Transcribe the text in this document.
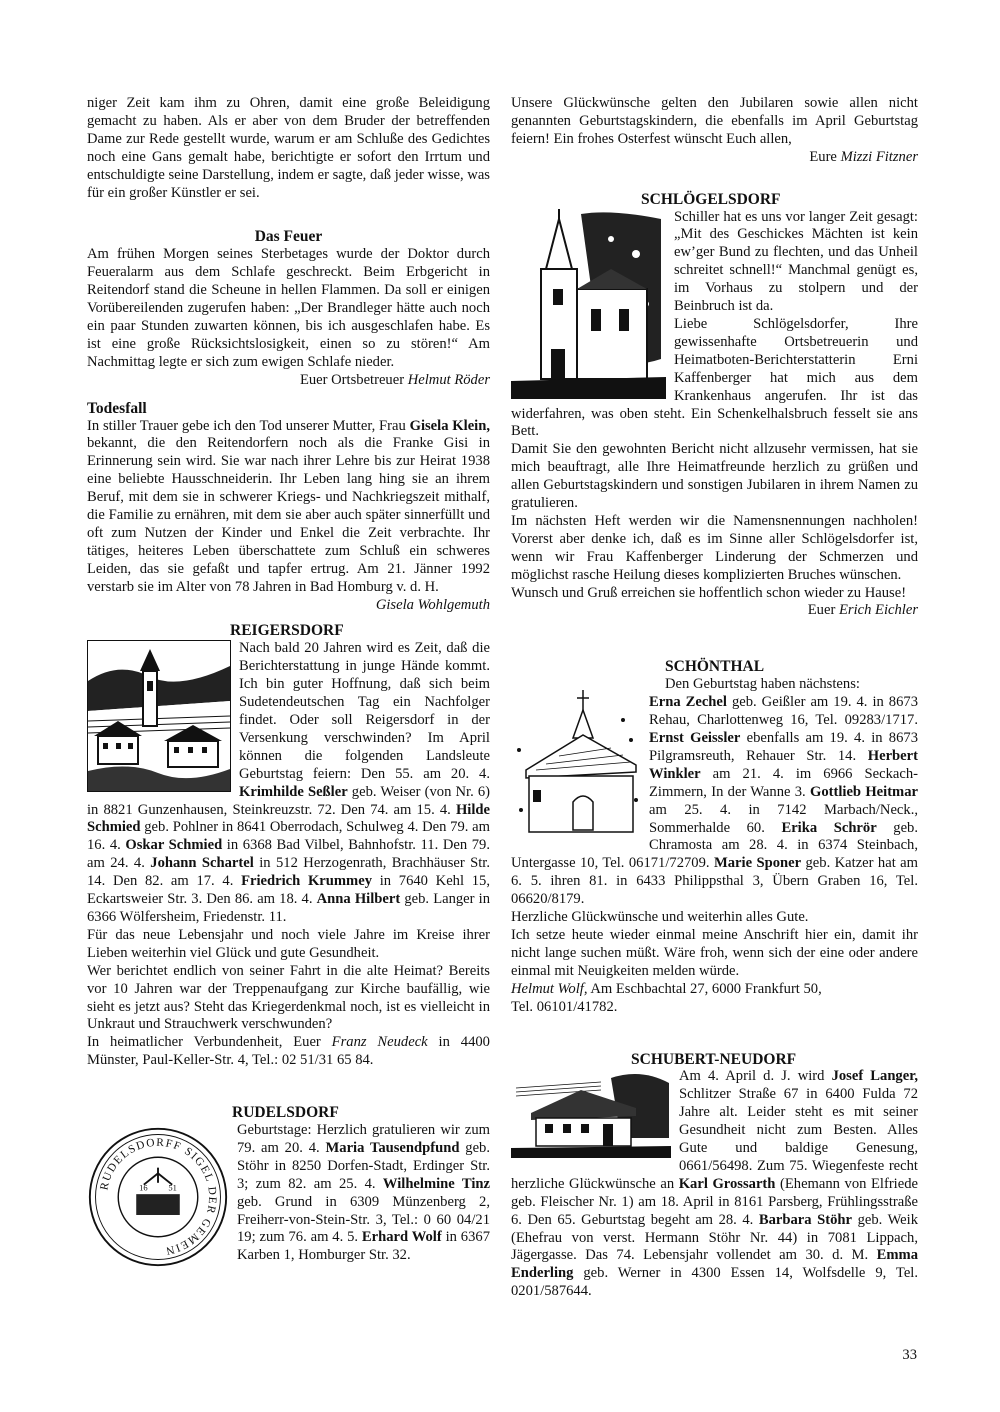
niger Zeit kam ihm zu Ohren, damit eine große Beleidigung gemacht zu haben. Als er aber von dem Bruder der betreffenden Dame zur Rede gestellt wurde, warum er am Schluße des Gedichtes noch eine Gans gemalt habe, berichtigte er sofort den Irrtum und entschuldigte seine Darstellung, indem er sagte, daß jeder wisse, was für ein großer Künstler er sei.

Das Feuer

Am frühen Morgen seines Sterbetages wurde der Doktor durch Feueralarm aus dem Schlafe geschreckt. Beim Erbgericht in Reitendorf stand die Scheune in hellen Flammen. Da soll er einigen Vorübereilenden zugerufen haben: „Der Brandleger hätte auch noch ein paar Stunden zuwarten können, bis ich ausgeschlafen habe. Es ist eine große Rücksichtslosigkeit, einen so zu stören!“ Am Nachmittag legte er sich zum ewigen Schlafe nieder.

Euer Ortsbetreuer Helmut Röder

Todesfall

In stiller Trauer gebe ich den Tod unserer Mutter, Frau Gisela Klein, bekannt, die den Reitendorfern noch als die Franke Gisi in Erinnerung sein wird. Sie war nach ihrer Lehre bis zur Heirat 1938 eine beliebte Hausschneiderin. Ihr Leben lang hing sie an ihrem Beruf, mit dem sie in schwerer Kriegs- und Nachkriegszeit mithalf, die Familie zu ernähren, mit dem sie aber auch später sinnerfüllt und oft zum Nutzen der Kinder und Enkel die Zeit verbrachte. Ihr tätiges, heiteres Leben überschattete zum Schluß ein schweres Leiden, das sie gefaßt und tapfer ertrug. Am 21. Jänner 1992 verstarb sie im Alter von 78 Jahren in Bad Homburg v. d. H.

Gisela Wohlgemuth

REIGERSDORF

Nach bald 20 Jahren wird es Zeit, daß die Berichterstattung in junge Hände kommt. Ich bin guter Hoffnung, daß sich beim Sudetendeutschen Tag ein Nachfolger findet. Oder soll Reigersdorf in der Versenkung verschwinden? Im April können die folgenden Landsleute Geburtstag feiern: Den 55. am 20. 4. Krimhilde Seßler geb. Weiser (von Nr. 6) in 8821 Gunzenhausen, Steinkreuzstr. 72. Den 74. am 15. 4. Hilde Schmied geb. Pohlner in 8641 Oberrodach, Schulweg 4. Den 79. am 16. 4. Oskar Schmied in 6368 Bad Vilbel, Bahnhofstr. 11. Den 79. am 24. 4. Johann Schartel in 512 Herzogenrath, Brachhäuser Str. 14. Den 82. am 17. 4. Friedrich Krummey in 7640 Kehl 15, Eckartsweier Str. 3. Den 86. am 18. 4. Anna Hilbert geb. Langer in 6366 Wölfersheim, Friedenstr. 11.

Für das neue Lebensjahr und noch viele Jahre im Kreise ihrer Lieben weiterhin viel Glück und gute Gesundheit.

Wer berichtet endlich von seiner Fahrt in die alte Heimat? Bereits vor 10 Jahren war der Treppenaufgang zur Kirche baufällig, wie sieht es jetzt aus? Steht das Kriegerdenkmal noch, ist es vielleicht in Unkraut und Strauchwerk verschwunden?

In heimatlicher Verbundenheit, Euer Franz Neudeck in 4400 Münster, Paul-Keller-Str. 4, Tel.: 02 51/31 65 84.

RUDELSDORF
RUDELSDORFF SIGEL DER GEMEIN
16 51

Geburtstage: Herzlich gratulieren wir zum 79. am 20. 4. Maria Tausendpfund geb. Stöhr in 8250 Dorfen-Stadt, Erdinger Str. 3; zum 82. am 25. 4. Wilhelmine Tinz geb. Grund in 6309 Münzenberg 2, Freiherr-von-Stein-Str. 3, Tel.: 0 60 04/21 19; zum 76. am 4. 5. Erhard Wolf in 6367 Karben 1, Homburger Str. 32.

Unsere Glückwünsche gelten den Jubilaren sowie allen nicht genannten Geburtstagskindern, die ebenfalls im April Geburtstag feiern! Ein frohes Osterfest wünscht Euch allen,

Eure Mizzi Fitzner

SCHLÖGELSDORF

Schiller hat es uns vor langer Zeit gesagt: „Mit des Geschickes Mächten ist kein ew’ger Bund zu flechten, und das Unheil schreitet schnell!“ Manchmal genügt es, im Vorhaus zu stolpern und der Beinbruch ist da.

Liebe Schlögelsdorfer, Ihre gewissenhafte Ortsbetreuerin und Heimatboten-Berichterstatterin Erni Kaffenberger hat mich aus dem Krankenhaus angerufen. Ihr ist das widerfahren, was oben steht. Ein Schenkelhalsbruch fesselt sie ans Bett.

Damit Sie den gewohnten Bericht nicht allzusehr vermissen, hat sie mich beauftragt, alle Ihre Heimatfreunde herzlich zu grüßen und allen Geburtstagskindern und sonstigen Jubilaren in ihrem Namen zu gratulieren.

Im nächsten Heft werden wir die Namensnennungen nachholen! Vorerst aber denke ich, daß es im Sinne aller Schlögelsdorfer ist, wenn wir Frau Kaffenberger Linderung der Schmerzen und möglichst rasche Heilung dieses komplizierten Bruches wünschen.

Wunsch und Gruß erreichen sie hoffentlich schon wieder zu Hause!
Euer Erich Eichler

SCHÖNTHAL
Den Geburtstag haben nächstens:

Erna Zechel geb. Geißler am 19. 4. in 8673 Rehau, Charlottenweg 16, Tel. 09283/1717. Ernst Geissler ebenfalls am 19. 4. in 8673 Pilgramsreuth, Rehauer Str. 14. Herbert Winkler am 21. 4. im 6966 Seckach-Zimmern, In der Wanne 3. Gottlieb Heitmar am 25. 4. in 7142 Marbach/Neck., Sommerhalde 60. Erika Schrör geb. Chramosta am 28. 4. in 6374 Steinbach, Untergasse 10, Tel. 06171/72709. Marie Sponer geb. Katzer hat am 6. 5. ihren 81. in 6433 Philippsthal 3, Übern Graben 16, Tel. 06620/8179.

Herzliche Glückwünsche und weiterhin alles Gute.

Ich setze heute wieder einmal meine Anschrift hier ein, damit ihr nicht lange suchen müßt. Wäre froh, wenn sich der eine oder andere einmal mit Neuigkeiten melden würde.

Helmut Wolf, Am Eschbachtal 27, 6000 Frankfurt 50,

Tel. 06101/41782.

SCHUBERT-NEUDORF

Am 4. April d. J. wird Josef Langer, Schlitzer Straße 67 in 6400 Fulda 72 Jahre alt. Leider steht es mit seiner Gesundheit nicht zum Besten. Alles Gute und baldige Genesung, 0661/56498. Zum 75. Wiegenfeste recht herzliche Glückwünsche an Karl Grossarth (Ehemann von Elfriede geb. Fleischer Nr. 1) am 18. April in 8161 Parsberg, Frühlingsstraße 6. Den 65. Geburtstag begeht am 28. 4. Barbara Stöhr geb. Weik (Ehefrau von verst. Hermann Stöhr Nr. 44) in 7081 Lippach, Jägergasse. Das 74. Lebensjahr vollendet am 30. d. M. Emma Enderling geb. Werner in 4300 Essen 14, Wolfsdelle 9, Tel. 0201/587644.

33
